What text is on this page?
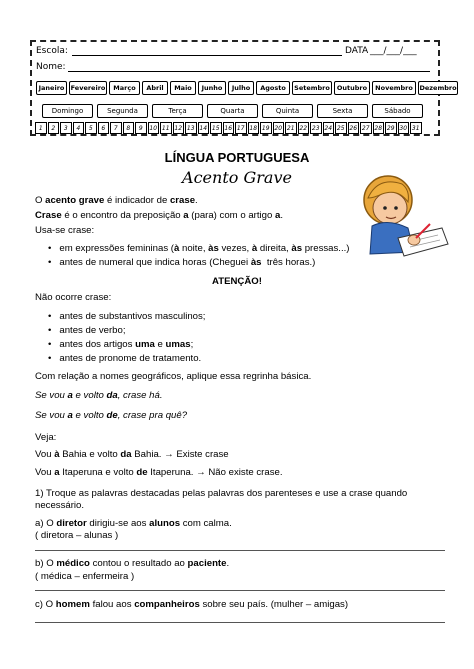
Escola:	DATA ___/___/___
Nome:
Janeiro Fevereiro	Março	Abril	Maio	Junho	Julho	Agosto	Setembro	Outubro	Novembro	Dezembro
Domingo	Segunda	Terça	Quarta	Quinta	Sexta	Sábado
1	2	3	4	5	6	7	8	9	10 11 12 13 14 15 16 17 18 19 20 21 22 23 24 25 26 27 28 29 30 31
LÍNGUA PORTUGUESA
Acento Grave
O acento grave é indicador de crase.
Crase é o encontro da preposição a (para) com o artigo a.
Usa-se crase:
•   em expressões femininas (à noite, às vezes, à direita, às pressas...)
•   antes de numeral que indica horas (Cheguei às  três horas.)
ATENÇÃO!
Não ocorre crase:
•   antes de substantivos masculinos;
•   antes de verbo;
•   antes dos artigos uma e umas;
•   antes de pronome de tratamento.
Com relação a nomes geográficos, aplique essa regrinha básica.
Se vou a e volto da, crase há.
Se vou a e volto de, crase pra quê?
Veja:
Vou à Bahia e volto da Bahia. → Existe crase
Vou a Itaperuna e volto de Itaperuna. → Não existe crase.
1) Troque as palavras destacadas pelas palavras dos parenteses e use a crase quando
necessário.
a) O diretor dirigiu-se aos alunos com calma.
( diretora – alunas )
b) O médico contou o resultado ao paciente.
( médica – enfermeira )
c) O homem falou aos companheiros sobre seu país. (mulher – amigas)
